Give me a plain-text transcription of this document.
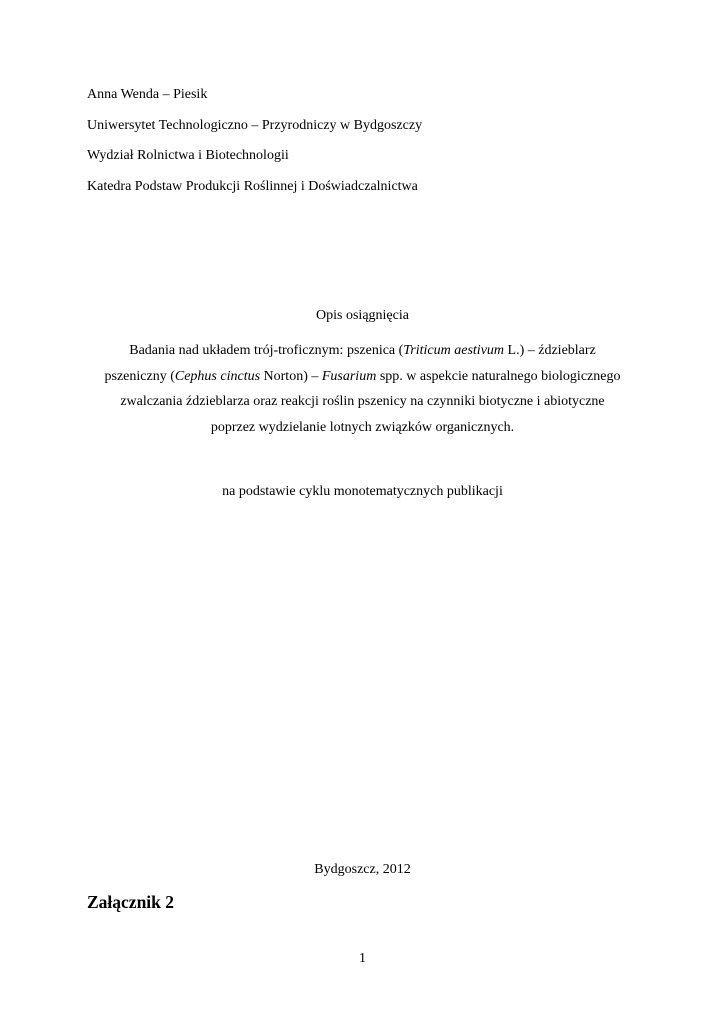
Anna Wenda – Piesik
Uniwersytet Technologiczno – Przyrodniczy w Bydgoszczy
Wydział Rolnictwa i Biotechnologii
Katedra Podstaw Produkcji Roślinnej i Doświadczalnictwa
Opis osiągnięcia
Badania nad układem trój-troficznym: pszenica (Triticum aestivum L.) – ździeblarz
pszeniczny (Cephus cinctus Norton) – Fusarium spp. w aspekcie naturalnego biologicznego
zwalczania ździeblarza oraz reakcji roślin pszenicy na czynniki biotyczne i abiotyczne
poprzez wydzielanie lotnych związków organicznych.
na podstawie cyklu monotematycznych publikacji
Bydgoszcz, 2012
Załącznik 2
1
